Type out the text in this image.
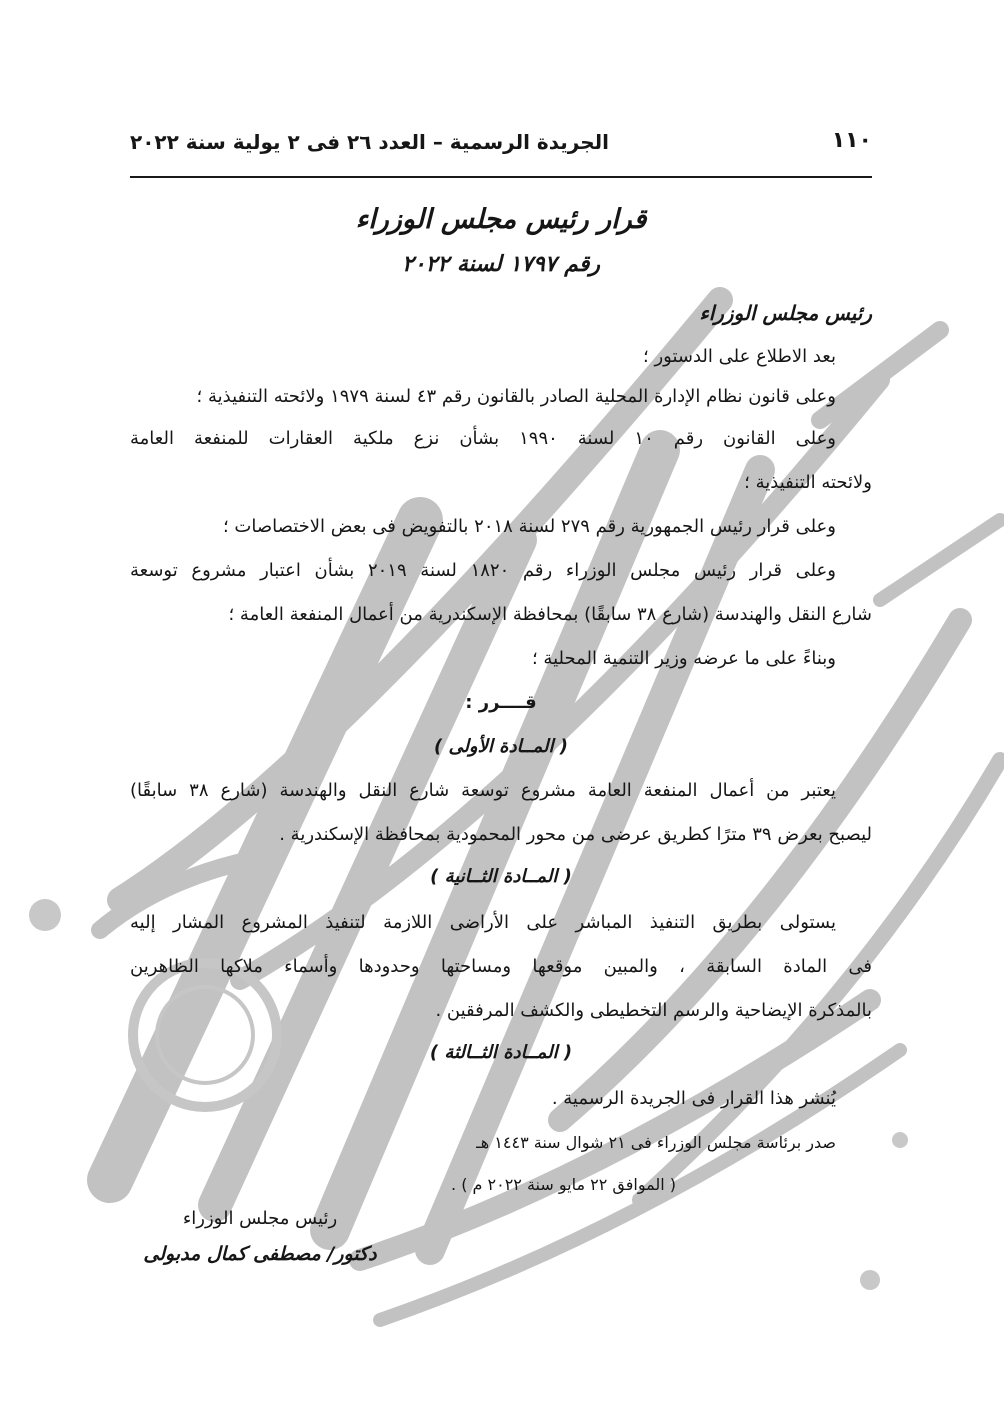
١١٠
الجريدة الرسمية – العدد ٢٦ فى ٢ يولية سنة ٢٠٢٢
قرار رئيس مجلس الوزراء
رقم ١٧٩٧ لسنة ٢٠٢٢
رئيس مجلس الوزراء
بعد الاطلاع على الدستور ؛
وعلى قانون نظام الإدارة المحلية الصادر بالقانون رقم ٤٣ لسنة ١٩٧٩ ولائحته التنفيذية ؛
وعلى القانون رقم ١٠ لسنة ١٩٩٠ بشأن نزع ملكية العقارات للمنفعة العامة
ولائحته التنفيذية ؛
وعلى قرار رئيس الجمهورية رقم ٢٧٩ لسنة ٢٠١٨ بالتفويض فى بعض الاختصاصات ؛
وعلى قرار رئيس مجلس الوزراء رقم ١٨٢٠ لسنة ٢٠١٩ بشأن اعتبار مشروع توسعة
شارع النقل والهندسة (شارع ٣٨ سابقًا) بمحافظة الإسكندرية من أعمال المنفعة العامة ؛
وبناءً على ما عرضه وزير التنمية المحلية ؛
قــــرر :
( المــادة الأولى )
يعتبر من أعمال المنفعة العامة مشروع توسعة شارع النقل والهندسة (شارع ٣٨ سابقًا)
ليصبح بعرض ٣٩ مترًا كطريق عرضى من محور المحمودية بمحافظة الإسكندرية .
( المــادة الثــانية )
يستولى بطريق التنفيذ المباشر على الأراضى اللازمة لتنفيذ المشروع المشار إليه
فى المادة السابقة ، والمبين موقعها ومساحتها وحدودها وأسماء ملاكها الظاهرين
بالمذكرة الإيضاحية والرسم التخطيطى والكشف المرفقين .
( المــادة الثــالثة )
يُنشر هذا القرار فى الجريدة الرسمية .
صدر برئاسة مجلس الوزراء فى ٢١ شوال سنة ١٤٤٣ هـ
( الموافق ٢٢ مايو سنة ٢٠٢٢ م ) .
رئيس مجلس الوزراء
دكتور/ مصطفى كمال مدبولى
